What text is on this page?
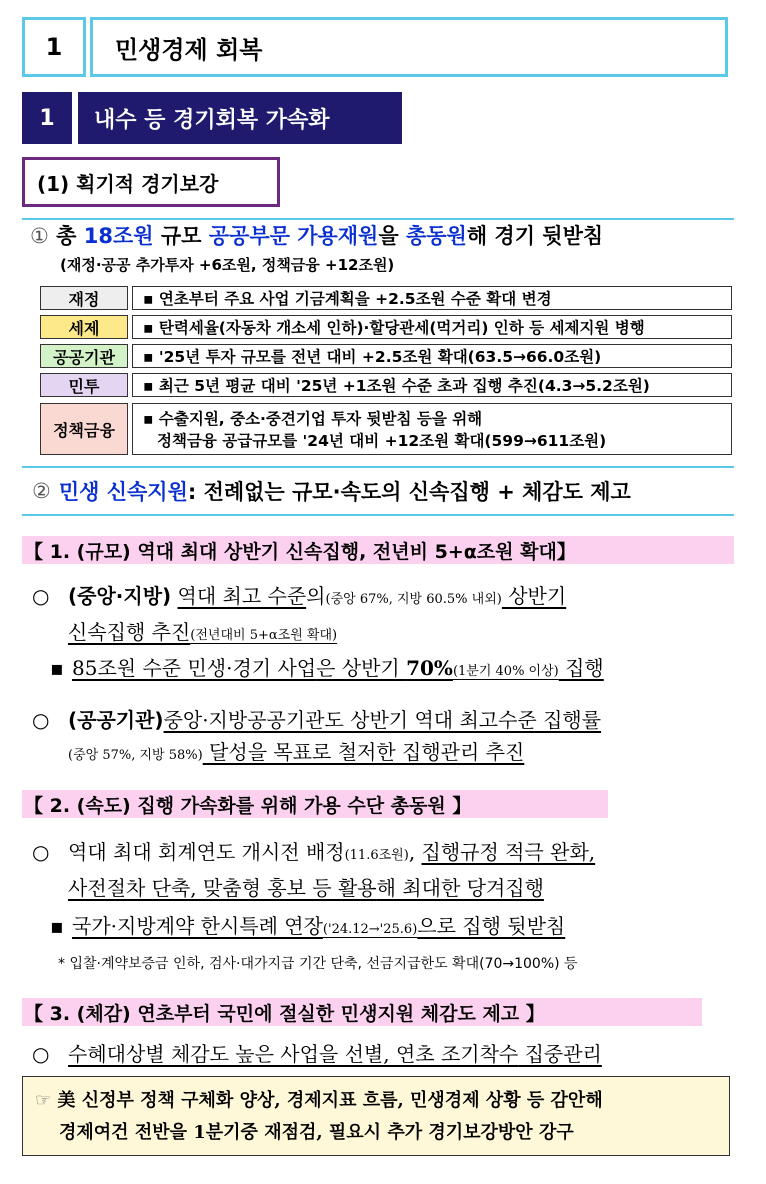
1	민생경제 회복
1	내수 등 경기회복 가속화
(1) 획기적 경기보강
① 총 18조원 규모 공공부문 가용재원을 총동원해 경기 뒷받침
(재정·공공 추가투자 +6조원, 정책금융 +12조원)
재정	▪ 연초부터 주요 사업 기금계획을 +2.5조원 수준 확대 변경
세제	▪ 탄력세율(자동차 개소세 인하)·할당관세(먹거리) 인하 등 세제지원 병행
공공기관	▪ '25년 투자 규모를 전년 대비 +2.5조원 확대(63.5→66.0조원)
민투	▪ 최근 5년 평균 대비 '25년 +1조원 수준 초과 집행 추진(4.3→5.2조원)
정책금융
▪ 수출지원, 중소·중견기업 투자 뒷받침 등을 위해
정책금융 공급규모를 '24년 대비 +12조원 확대(599→611조원)
② 민생 신속지원 : 전례없는 규모·속도의 신속집행 + 체감도 제고
【 1. (규모) 역대 최대 상반기 신속집행, 전년비 5+α조원 확대】
○ (중앙·지방) 역대 최고 수준의(중앙 67%, 지방 60.5% 내외) 상반기
신속집행 추진(전년대비 5+α조원 확대)
▪ 85조원 수준 민생·경기 사업은 상반기 70%(1분기 40% 이상) 집행
○ (공공기관)중앙·지방공공기관도 상반기 역대 최고수준 집행률
(중앙 57%, 지방 58%) 달성을 목표로 철저한 집행관리 추진
【 2. (속도) 집행 가속화를 위해 가용 수단 총동원 】
○ 역대 최대 회계연도 개시전 배정(11.6조원), 집행규정 적극 완화,
사전절차 단축, 맞춤형 홍보 등 활용해 최대한 당겨집행
▪ 국가·지방계약 한시특례 연장('24.12→'25.6)으로 집행 뒷받침
* 입찰·계약보증금 인하, 검사·대가지급 기간 단축, 선금지급한도 확대(70→100%) 등
【 3. (체감) 연초부터 국민에 절실한 민생지원 체감도 제고 】
○ 수혜대상별 체감도 높은 사업을 선별, 연초 조기착수 집중관리
☞ 美 신정부 정책 구체화 양상, 경제지표 흐름, 민생경제 상황 등 감안해
경제여건 전반을 1분기중 재점검, 필요시 추가 경기보강방안 강구
